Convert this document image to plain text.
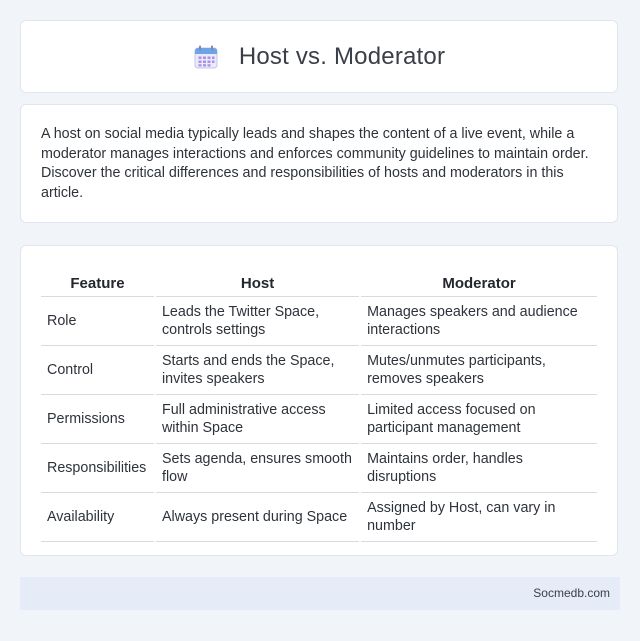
Host vs. Moderator

A host on social media typically leads and shapes the content of a live event, while a moderator manages interactions and enforces community guidelines to maintain order. Discover the critical differences and responsibilities of hosts and moderators in this article.

Feature	Host	Moderator
Role	Leads the Twitter Space, controls settings	Manages speakers and audience interactions
Control	Starts and ends the Space, invites speakers	Mutes/unmutes participants, removes speakers
Permissions	Full administrative access within Space	Limited access focused on participant management
Responsibilities	Sets agenda, ensures smooth flow	Maintains order, handles disruptions
Availability	Always present during Space	Assigned by Host, can vary in number
Socmedb.com
